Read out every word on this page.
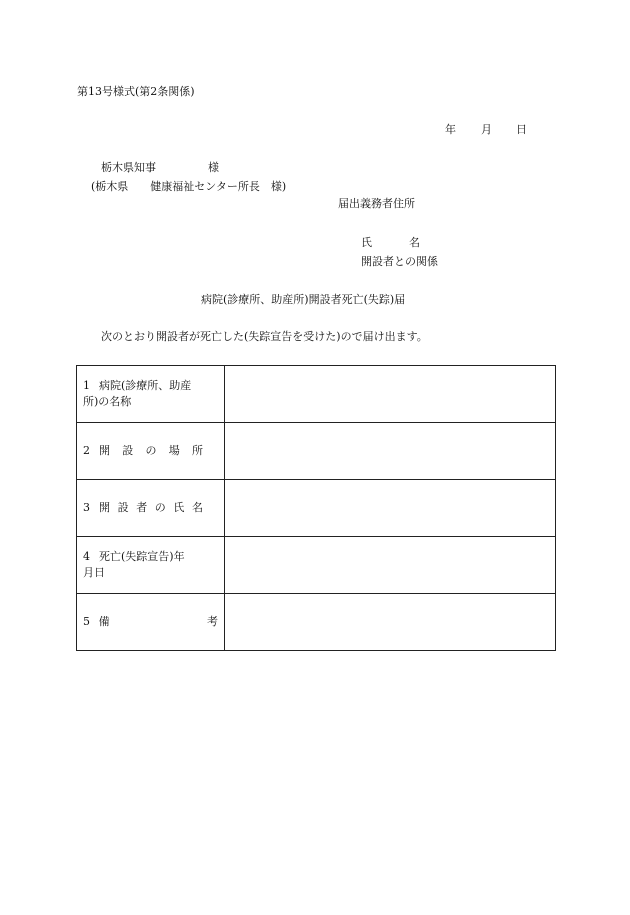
第13号様式(第2条関係)
年 月 日
栃木県知事	様
(栃木県　　健康福祉センター所長　様)
届出義務者住所
氏	名
開設者との関係
病院(診療所、助産所)開設者死亡(失踪)届
次のとおり開設者が死亡した(失踪宣告を受けた)ので届け出ます。
1 病院(診療所、助産
所)の名称	
2 開設の場所	
3 開設者の氏名	
4 死亡(失踪宣告)年
月日	

5 備 考	
